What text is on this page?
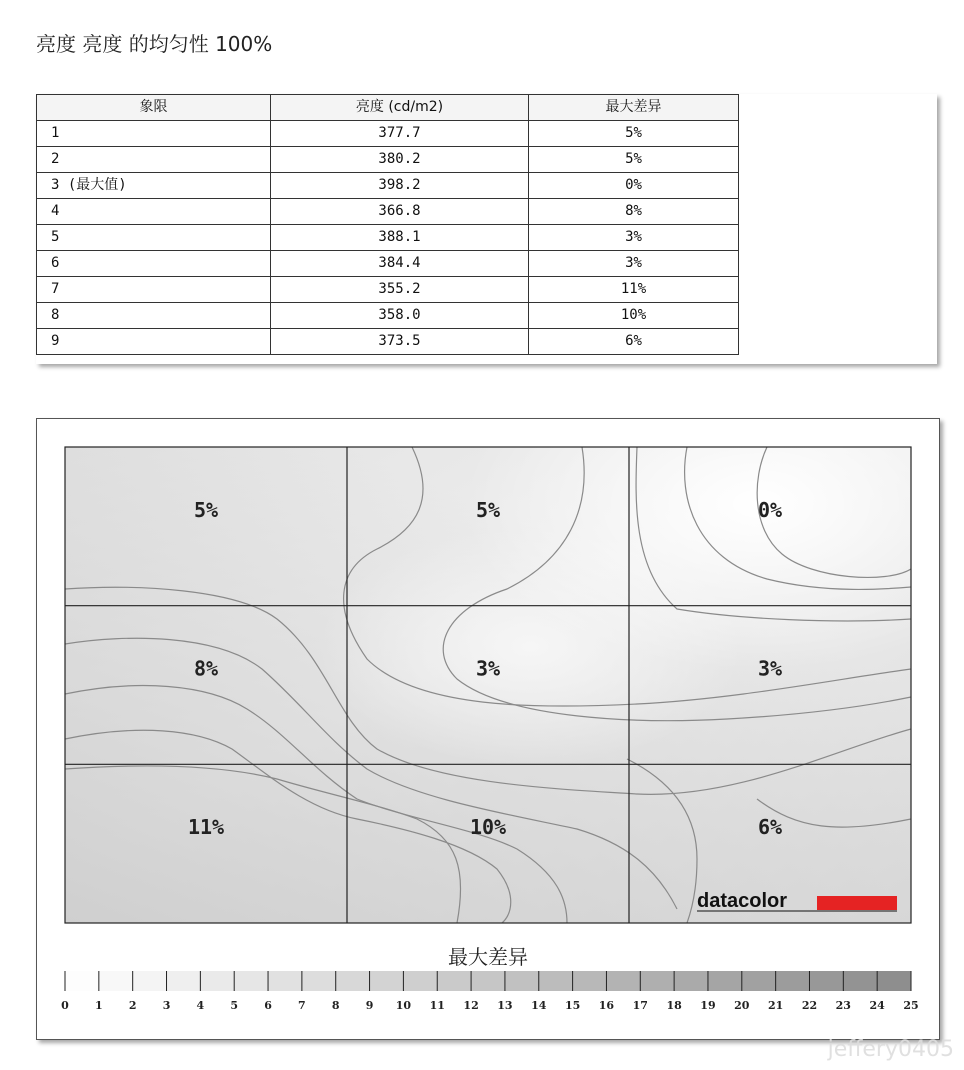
亮度 亮度 的均匀性 100%
象限	亮度 (cd/m2)	最大差异
1	377.7	5%
2	380.2	5%
3 (最大值)	398.2	0%
4	366.8	8%
5	388.1	3%
6	384.4	3%
7	355.2	11%
8	358.0	10%
9	373.5	6%
5%	5%	0%
8%	3%	3%
11%	10%	6%
datacolor
最大差异
0 1 2 3 4 5 6 7 8 9 10 11 12 13 14 15 16 17 18 19 20 21 22 23 24 25
jeffery0405
